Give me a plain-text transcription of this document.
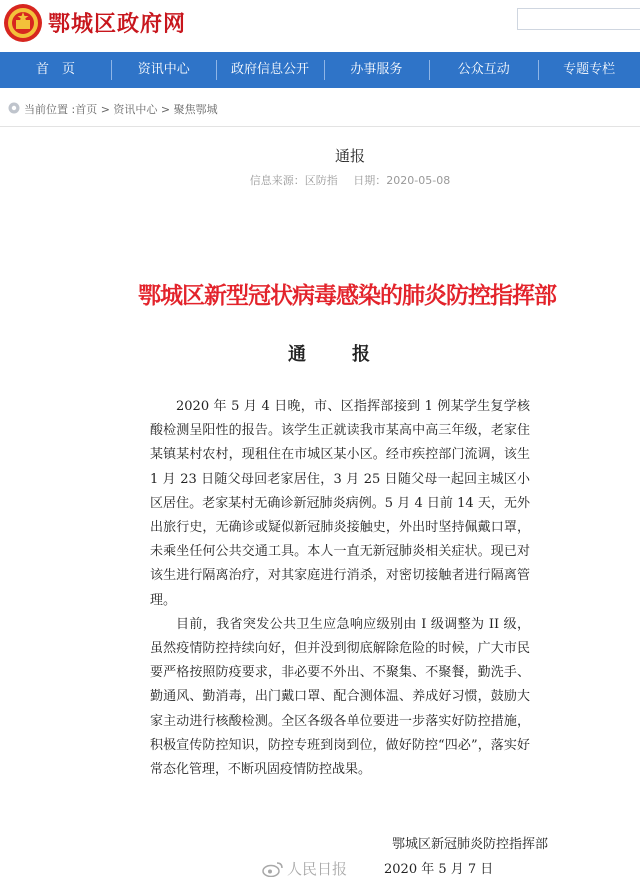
鄂城区政府网
首　页	资讯中心	政府信息公开	办事服务	公众互动	专题专栏
当前位置 :首页 > 资讯中心 > 聚焦鄂城
通报
信息来源：区防指 日期：2020-05-08
鄂城区新型冠状病毒感染的肺炎防控指挥部
通报

2020 年 5 月 4 日晚，市、区指挥部接到 1 例某学生复学核酸检测呈阳性的报告。该学生正就读我市某高中高三年级，老家住某镇某村农村，现租住在市城区某小区。经市疾控部门流调，该生 1 月 23 日随父母回老家居住，3 月 25 日随父母一起回主城区小区居住。老家某村无确诊新冠肺炎病例。5 月 4 日前 14 天，无外出旅行史，无确诊或疑似新冠肺炎接触史，外出时坚持佩戴口罩，未乘坐任何公共交通工具。本人一直无新冠肺炎相关症状。现已对该生进行隔离治疗，对其家庭进行消杀，对密切接触者进行隔离管理。

目前，我省突发公共卫生应急响应级别由 I 级调整为 II 级，虽然疫情防控持续向好，但并没到彻底解除危险的时候，广大市民要严格按照防疫要求，非必要不外出、不聚集、不聚餐，勤洗手、勤通风、勤消毒，出门戴口罩、配合测体温、养成好习惯，鼓励大家主动进行核酸检测。全区各级各单位要进一步落实好防控措施，积极宣传防控知识，防控专班到岗到位，做好防控“四必”，落实好常态化管理，不断巩固疫情防控战果。

鄂城区新冠肺炎防控指挥部
人民日报	2020 年 5 月 7 日
